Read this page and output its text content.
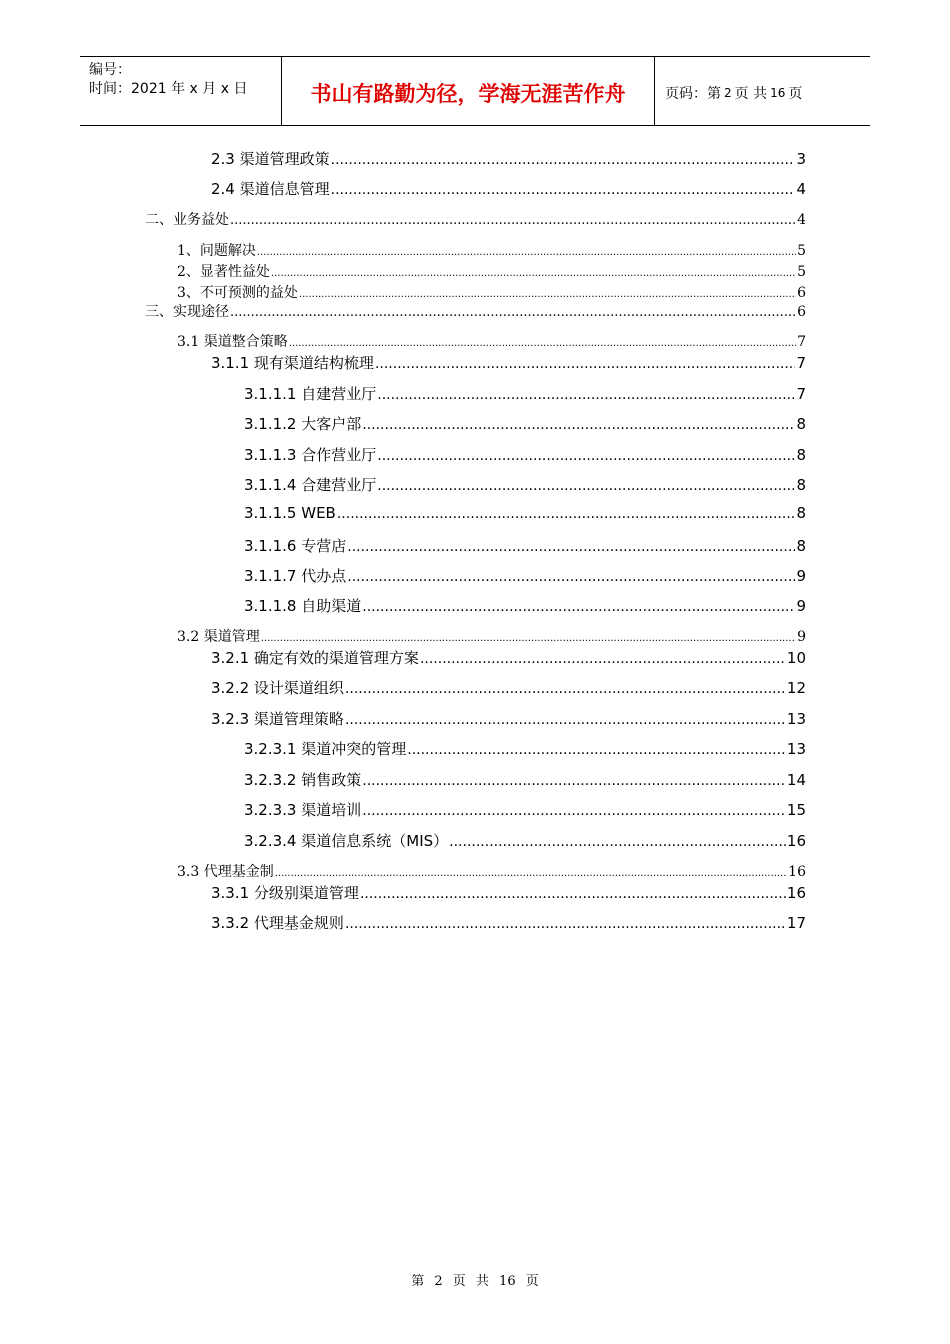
编号：
时间：2021 年 x 月 x 日	书山有路勤为径，学海无涯苦作舟	页码：第 2 页 共 16 页
2.3 渠道管理政策 .....	3
2.4 渠道信息管理 .....	4
二、业务益处 .....	4
1、问题解决 .....	5
2、显著性益处 .....	5
3、不可预测的益处 .....	6
三、实现途径 .....	6
3.1 渠道整合策略 .....	7
3.1.1 现有渠道结构梳理 .....	7
3.1.1.1 自建营业厅 .....	7
3.1.1.2 大客户部 .....	8
3.1.1.3 合作营业厅 .....	8
3.1.1.4 合建营业厅 .....	8
3.1.1.5 WEB .....	8
3.1.1.6 专营店 .....	8
3.1.1.7 代办点 .....	9
3.1.1.8 自助渠道 .....	9
3.2 渠道管理 .....	9
3.2.1 确定有效的渠道管理方案 .....	10
3.2.2 设计渠道组织 .....	12
3.2.3 渠道管理策略 .....	13
3.2.3.1 渠道冲突的管理 .....	13
3.2.3.2 销售政策 .....	14
3.2.3.3 渠道培训 .....	15
3.2.3.4 渠道信息系统（MIS） .....	16
3.3 代理基金制 .....	16
3.3.1 分级别渠道管理 .....	16
3.3.2 代理基金规则 .....	17
第 2 页 共 16 页
